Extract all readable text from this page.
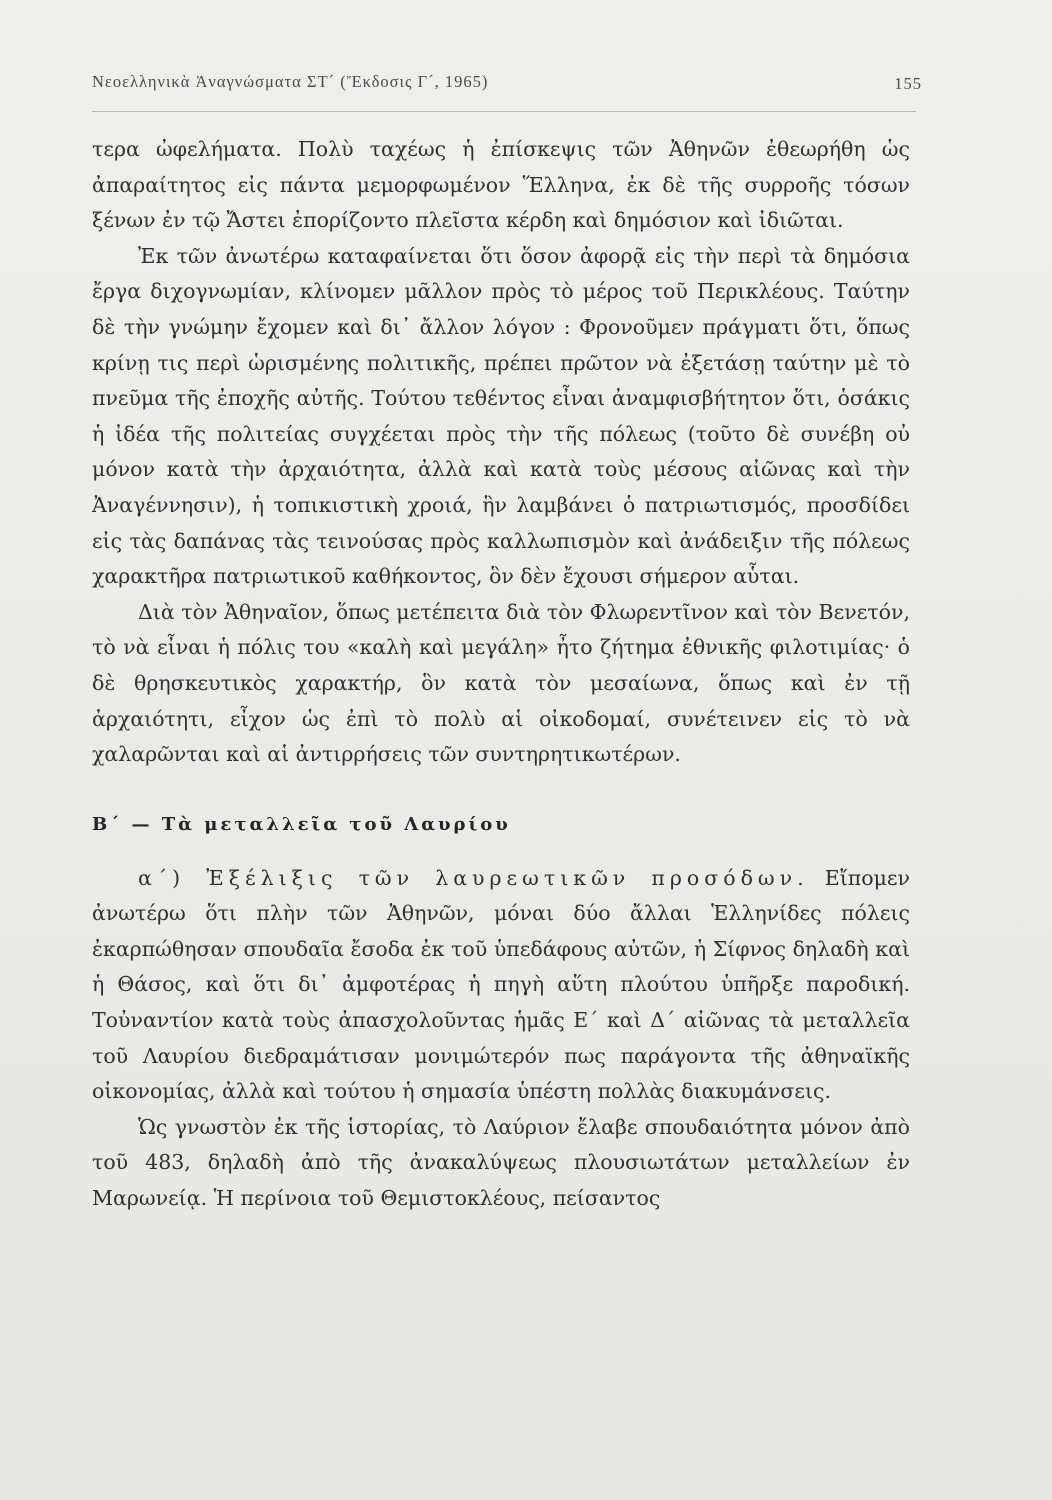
Νεοελληνικὰ Ἀναγνώσματα ΣΤ´ (Ἔκδοσις Γ´, 1965)	155

τερα ὠφελήματα. Πολὺ ταχέως ἡ ἐπίσκεψις τῶν Ἀθηνῶν ἐθεωρήθη ὡς ἀπαραίτητος εἰς πάντα μεμορφωμένον Ἕλληνα, ἐκ δὲ τῆς συρροῆς τόσων ξένων ἐν τῷ Ἄστει ἐπορίζοντο πλεῖστα κέρδη καὶ δημόσιον καὶ ἰδιῶται.

Ἐκ τῶν ἀνωτέρω καταφαίνεται ὅτι ὅσον ἀφορᾷ εἰς τὴν περὶ τὰ δημόσια ἔργα διχογνωμίαν, κλίνομεν μᾶλλον πρὸς τὸ μέρος τοῦ Περικλέους. Ταύτην δὲ τὴν γνώμην ἔχομεν καὶ δι᾽ ἄλλον λόγον : Φρονοῦμεν πράγματι ὅτι, ὅπως κρίνῃ τις περὶ ὡρισμένης πολιτικῆς, πρέπει πρῶτον νὰ ἐξετάσῃ ταύτην μὲ τὸ πνεῦμα τῆς ἐποχῆς αὐτῆς. Τούτου τεθέντος εἶναι ἀναμφισβήτητον ὅτι, ὁσάκις ἡ ἰδέα τῆς πολιτείας συγχέεται πρὸς τὴν τῆς πόλεως (τοῦτο δὲ συνέβη οὐ μόνον κατὰ τὴν ἀρχαιότητα, ἀλλὰ καὶ κατὰ τοὺς μέσους αἰῶνας καὶ τὴν Ἀναγέννησιν), ἡ τοπικιστικὴ χροιά, ἣν λαμβάνει ὁ πατριωτισμός, προσδίδει εἰς τὰς δαπάνας τὰς τεινούσας πρὸς καλλωπισμὸν καὶ ἀνάδειξιν τῆς πόλεως χαρακτῆρα πατριωτικοῦ καθήκοντος, ὃν δὲν ἔχουσι σήμερον αὗται.

Διὰ τὸν Ἀθηναῖον, ὅπως μετέπειτα διὰ τὸν Φλωρεντῖνον καὶ τὸν Βενετόν, τὸ νὰ εἶναι ἡ πόλις του «καλὴ καὶ μεγάλη» ἦτο ζήτημα ἐθνικῆς φιλοτιμίας· ὁ δὲ θρησκευτικὸς χαρακτήρ, ὃν κατὰ τὸν μεσαίωνα, ὅπως καὶ ἐν τῇ ἀρχαιότητι, εἶχον ὡς ἐπὶ τὸ πολὺ αἱ οἰκοδομαί, συνέτεινεν εἰς τὸ νὰ χαλαρῶνται καὶ αἱ ἀντιρρήσεις τῶν συντηρητικωτέρων.

Β´ — Τὰ μεταλλεῖα τοῦ Λαυρίου

α´) Ἐξέλιξις τῶν λαυρεωτικῶν προσόδων. Εἴπομεν ἀνωτέρω ὅτι πλὴν τῶν Ἀθηνῶν, μόναι δύο ἄλλαι Ἑλληνίδες πόλεις ἐκαρπώθησαν σπουδαῖα ἔσοδα ἐκ τοῦ ὑπεδάφους αὐτῶν, ἡ Σίφνος δηλαδὴ καὶ ἡ Θάσος, καὶ ὅτι δι᾽ ἀμφοτέρας ἡ πηγὴ αὕτη πλούτου ὑπῆρξε παροδική. Τοὐναντίον κατὰ τοὺς ἀπασχολοῦντας ἡμᾶς Ε´ καὶ Δ´ αἰῶνας τὰ μεταλλεῖα τοῦ Λαυρίου διεδραμάτισαν μονιμώτερόν πως παράγοντα τῆς ἀθηναϊκῆς οἰκονομίας, ἀλλὰ καὶ τούτου ἡ σημασία ὑπέστη πολλὰς διακυμάνσεις.

Ὡς γνωστὸν ἐκ τῆς ἱστορίας, τὸ Λαύριον ἔλαβε σπουδαιότητα μόνον ἀπὸ τοῦ 483, δηλαδὴ ἀπὸ τῆς ἀνακαλύψεως πλουσιωτάτων μεταλλείων ἐν Μαρωνείᾳ. Ἡ περίνοια τοῦ Θεμιστοκλέους, πείσαντος
